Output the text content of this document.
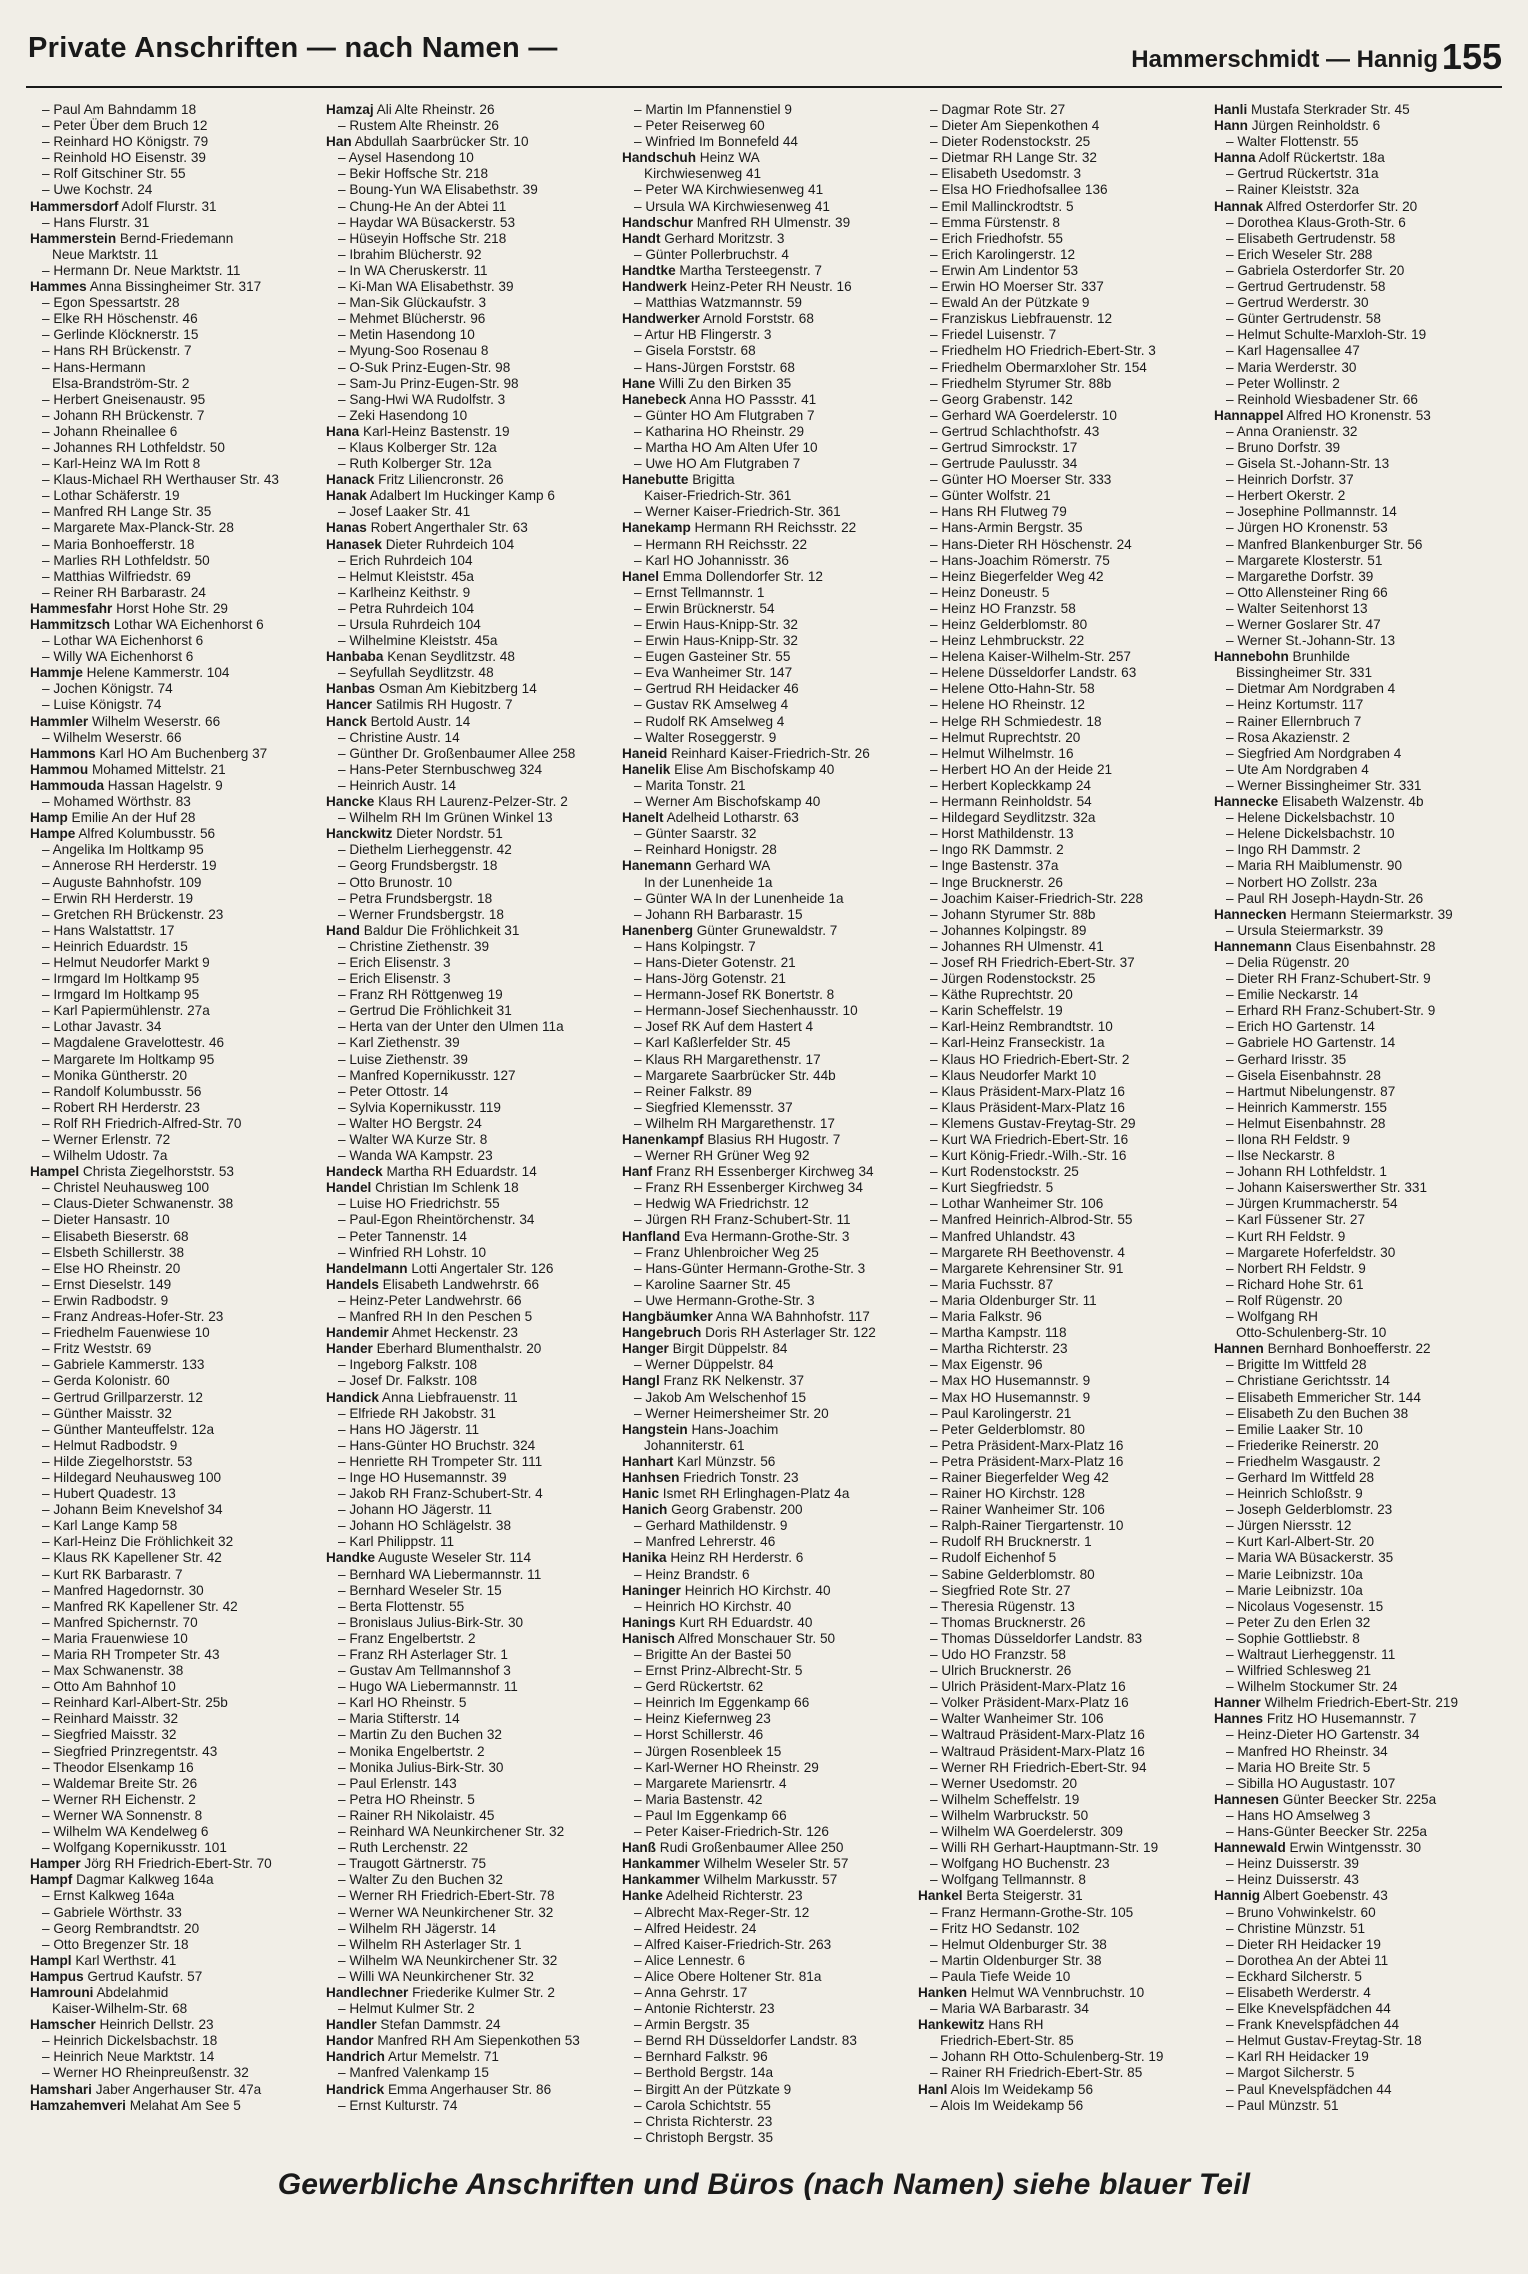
Private Anschriften — nach Namen —	Hammerschmidt — Hannig 155
– Paul Am Bahndamm 18
– Peter Über dem Bruch 12
– Reinhard HO Königstr. 79
– Reinhold HO Eisenstr. 39
– Rolf Gitschiner Str. 55
– Uwe Kochstr. 24
Hammersdorf Adolf Flurstr. 31
– Hans Flurstr. 31
Hammerstein Bernd-Friedemann
Neue Marktstr. 11
– Hermann Dr. Neue Marktstr. 11
Hammes Anna Bissingheimer Str. 317
– Egon Spessartstr. 28
– Elke RH Höschenstr. 46
– Gerlinde Klöcknerstr. 15
– Hans RH Brückenstr. 7
– Hans-Hermann
Elsa-Brandström-Str. 2
– Herbert Gneisenaustr. 95
– Johann RH Brückenstr. 7
– Johann Rheinallee 6
– Johannes RH Lothfeldstr. 50
– Karl-Heinz WA Im Rott 8
– Klaus-Michael RH Werthauser Str. 43
– Lothar Schäferstr. 19
– Manfred RH Lange Str. 35
– Margarete Max-Planck-Str. 28
– Maria Bonhoefferstr. 18
– Marlies RH Lothfeldstr. 50
– Matthias Wilfriedstr. 69
– Reiner RH Barbarastr. 24
Hammesfahr Horst Hohe Str. 29
Hammitzsch Lothar WA Eichenhorst 6
– Lothar WA Eichenhorst 6
– Willy WA Eichenhorst 6
Hammje Helene Kammerstr. 104
– Jochen Königstr. 74
– Luise Königstr. 74
Hammler Wilhelm Weserstr. 66
– Wilhelm Weserstr. 66
Hammons Karl HO Am Buchenberg 37
Hammou Mohamed Mittelstr. 21
Hammouda Hassan Hagelstr. 9
– Mohamed Wörthstr. 83
Hamp Emilie An der Huf 28
Hampe Alfred Kolumbusstr. 56
– Angelika Im Holtkamp 95
– Annerose RH Herderstr. 19
– Auguste Bahnhofstr. 109
– Erwin RH Herderstr. 19
– Gretchen RH Brückenstr. 23
– Hans Walstattstr. 17
– Heinrich Eduardstr. 15
– Helmut Neudorfer Markt 9
– Irmgard Im Holtkamp 95
– Irmgard Im Holtkamp 95
– Karl Papiermühlenstr. 27a
– Lothar Javastr. 34
– Magdalene Gravelottestr. 46
– Margarete Im Holtkamp 95
– Monika Güntherstr. 20
– Randolf Kolumbusstr. 56
– Robert RH Herderstr. 23
– Rolf RH Friedrich-Alfred-Str. 70
– Werner Erlenstr. 72
– Wilhelm Udostr. 7a
Hampel Christa Ziegelhorststr. 53
– Christel Neuhausweg 100
– Claus-Dieter Schwanenstr. 38
– Dieter Hansastr. 10
– Elisabeth Bieserstr. 68
– Elsbeth Schillerstr. 38
– Else HO Rheinstr. 20
– Ernst Dieselstr. 149
– Erwin Radbodstr. 9
– Franz Andreas-Hofer-Str. 23
– Friedhelm Fauenwiese 10
– Fritz Weststr. 69
– Gabriele Kammerstr. 133
– Gerda Kolonistr. 60
– Gertrud Grillparzerstr. 12
– Günther Maisstr. 32
– Günther Manteuffelstr. 12a
– Helmut Radbodstr. 9
– Hilde Ziegelhorststr. 53
– Hildegard Neuhausweg 100
– Hubert Quadestr. 13
– Johann Beim Knevelshof 34
– Karl Lange Kamp 58
– Karl-Heinz Die Fröhlichkeit 32
– Klaus RK Kapellener Str. 42
– Kurt RK Barbarastr. 7
– Manfred Hagedornstr. 30
– Manfred RK Kapellener Str. 42
– Manfred Spichernstr. 70
– Maria Frauenwiese 10
– Maria RH Trompeter Str. 43
– Max Schwanenstr. 38
– Otto Am Bahnhof 10
– Reinhard Karl-Albert-Str. 25b
– Reinhard Maisstr. 32
– Siegfried Maisstr. 32
– Siegfried Prinzregentstr. 43
– Theodor Elsenkamp 16
– Waldemar Breite Str. 26
– Werner RH Eichenstr. 2
– Werner WA Sonnenstr. 8
– Wilhelm WA Kendelweg 6
– Wolfgang Kopernikusstr. 101
Hamper Jörg RH Friedrich-Ebert-Str. 70
Hampf Dagmar Kalkweg 164a
– Ernst Kalkweg 164a
– Gabriele Wörthstr. 33
– Georg Rembrandtstr. 20
– Otto Bregenzer Str. 18
Hampl Karl Werthstr. 41
Hampus Gertrud Kaufstr. 57
Hamrouni Abdelahmid
Kaiser-Wilhelm-Str. 68
Hamscher Heinrich Dellstr. 23
– Heinrich Dickelsbachstr. 18
– Heinrich Neue Marktstr. 14
– Werner HO Rheinpreußenstr. 32
Hamshari Jaber Angerhauser Str. 47a
Hamzahemveri Melahat Am See 5
Hamzaj Ali Alte Rheinstr. 26
– Rustem Alte Rheinstr. 26
Han Abdullah Saarbrücker Str. 10
– Aysel Hasendong 10
– Bekir Hoffsche Str. 218
– Boung-Yun WA Elisabethstr. 39
– Chung-He An der Abtei 11
– Haydar WA Büsackerstr. 53
– Hüseyin Hoffsche Str. 218
– Ibrahim Blücherstr. 92
– In WA Cheruskerstr. 11
– Ki-Man WA Elisabethstr. 39
– Man-Sik Glückaufstr. 3
– Mehmet Blücherstr. 96
– Metin Hasendong 10
– Myung-Soo Rosenau 8
– O-Suk Prinz-Eugen-Str. 98
– Sam-Ju Prinz-Eugen-Str. 98
– Sang-Hwi WA Rudolfstr. 3
– Zeki Hasendong 10
Hana Karl-Heinz Bastenstr. 19
– Klaus Kolberger Str. 12a
– Ruth Kolberger Str. 12a
Hanack Fritz Liliencronstr. 26
Hanak Adalbert Im Huckinger Kamp 6
– Josef Laaker Str. 41
Hanas Robert Angerthaler Str. 63
Hanasek Dieter Ruhrdeich 104
– Erich Ruhrdeich 104
– Helmut Kleiststr. 45a
– Karlheinz Keithstr. 9
– Petra Ruhrdeich 104
– Ursula Ruhrdeich 104
– Wilhelmine Kleiststr. 45a
Hanbaba Kenan Seydlitzstr. 48
– Seyfullah Seydlitzstr. 48
Hanbas Osman Am Kiebitzberg 14
Hancer Satilmis RH Hugostr. 7
Hanck Bertold Austr. 14
– Christine Austr. 14
– Günther Dr. Großenbaumer Allee 258
– Hans-Peter Sternbuschweg 324
– Heinrich Austr. 14
Hancke Klaus RH Laurenz-Pelzer-Str. 2
– Wilhelm RH Im Grünen Winkel 13
Hanckwitz Dieter Nordstr. 51
– Diethelm Lierheggenstr. 42
– Georg Frundsbergstr. 18
– Otto Brunostr. 10
– Petra Frundsbergstr. 18
– Werner Frundsbergstr. 18
Hand Baldur Die Fröhlichkeit 31
– Christine Ziethenstr. 39
– Erich Elisenstr. 3
– Erich Elisenstr. 3
– Franz RH Röttgenweg 19
– Gertrud Die Fröhlichkeit 31
– Herta van der Unter den Ulmen 11a
– Karl Ziethenstr. 39
– Luise Ziethenstr. 39
– Manfred Kopernikusstr. 127
– Peter Ottostr. 14
– Sylvia Kopernikusstr. 119
– Walter HO Bergstr. 24
– Walter WA Kurze Str. 8
– Wanda WA Kampstr. 23
Handeck Martha RH Eduardstr. 14
Handel Christian Im Schlenk 18
– Luise HO Friedrichstr. 55
– Paul-Egon Rheintörchenstr. 34
– Peter Tannenstr. 14
– Winfried RH Lohstr. 10
Handelmann Lotti Angertaler Str. 126
Handels Elisabeth Landwehrstr. 66
– Heinz-Peter Landwehrstr. 66
– Manfred RH In den Peschen 5
Handemir Ahmet Heckenstr. 23
Hander Eberhard Blumenthalstr. 20
– Ingeborg Falkstr. 108
– Josef Dr. Falkstr. 108
Handick Anna Liebfrauenstr. 11
– Elfriede RH Jakobstr. 31
– Hans HO Jägerstr. 11
– Hans-Günter HO Bruchstr. 324
– Henriette RH Trompeter Str. 111
– Inge HO Husemannstr. 39
– Jakob RH Franz-Schubert-Str. 4
– Johann HO Jägerstr. 11
– Johann HO Schlägelstr. 38
– Karl Philippstr. 11
Handke Auguste Weseler Str. 114
– Bernhard WA Liebermannstr. 11
– Bernhard Weseler Str. 15
– Berta Flottenstr. 55
– Bronislaus Julius-Birk-Str. 30
– Franz Engelbertstr. 2
– Franz RH Asterlager Str. 1
– Gustav Am Tellmannshof 3
– Hugo WA Liebermannstr. 11
– Karl HO Rheinstr. 5
– Maria Stifterstr. 14
– Martin Zu den Buchen 32
– Monika Engelbertstr. 2
– Monika Julius-Birk-Str. 30
– Paul Erlenstr. 143
– Petra HO Rheinstr. 5
– Rainer RH Nikolaistr. 45
– Reinhard WA Neunkirchener Str. 32
– Ruth Lerchenstr. 22
– Traugott Gärtnerstr. 75
– Walter Zu den Buchen 32
– Werner RH Friedrich-Ebert-Str. 78
– Werner WA Neunkirchener Str. 32
– Wilhelm RH Jägerstr. 14
– Wilhelm RH Asterlager Str. 1
– Wilhelm WA Neunkirchener Str. 32
– Willi WA Neunkirchener Str. 32
Handlechner Friederike Kulmer Str. 2
– Helmut Kulmer Str. 2
Handler Stefan Dammstr. 24
Handor Manfred RH Am Siepenkothen 53
Handrich Artur Memelstr. 71
– Manfred Valenkamp 15
Handrick Emma Angerhauser Str. 86
– Ernst Kulturstr. 74
– Martin Im Pfannenstiel 9
– Peter Reiserweg 60
– Winfried Im Bonnefeld 44
Handschuh Heinz WA
Kirchwiesenweg 41
– Peter WA Kirchwiesenweg 41
– Ursula WA Kirchwiesenweg 41
Handschur Manfred RH Ulmenstr. 39
Handt Gerhard Moritzstr. 3
– Günter Pollerbruchstr. 4
Handtke Martha Tersteegenstr. 7
Handwerk Heinz-Peter RH Neustr. 16
– Matthias Watzmannstr. 59
Handwerker Arnold Forststr. 68
– Artur HB Flingerstr. 3
– Gisela Forststr. 68
– Hans-Jürgen Forststr. 68
Hane Willi Zu den Birken 35
Hanebeck Anna HO Passstr. 41
– Günter HO Am Flutgraben 7
– Katharina HO Rheinstr. 29
– Martha HO Am Alten Ufer 10
– Uwe HO Am Flutgraben 7
Hanebutte Brigitta
Kaiser-Friedrich-Str. 361
– Werner Kaiser-Friedrich-Str. 361
Hanekamp Hermann RH Reichsstr. 22
– Hermann RH Reichsstr. 22
– Karl HO Johannisstr. 36
Hanel Emma Dollendorfer Str. 12
– Ernst Tellmannstr. 1
– Erwin Brücknerstr. 54
– Erwin Haus-Knipp-Str. 32
– Erwin Haus-Knipp-Str. 32
– Eugen Gasteiner Str. 55
– Eva Wanheimer Str. 147
– Gertrud RH Heidacker 46
– Gustav RK Amselweg 4
– Rudolf RK Amselweg 4
– Walter Roseggerstr. 9
Haneid Reinhard Kaiser-Friedrich-Str. 26
Hanelik Elise Am Bischofskamp 40
– Marita Tonstr. 21
– Werner Am Bischofskamp 40
Hanelt Adelheid Lotharstr. 63
– Günter Saarstr. 32
– Reinhard Honigstr. 28
Hanemann Gerhard WA
In der Lunenheide 1a
– Günter WA In der Lunenheide 1a
– Johann RH Barbarastr. 15
Hanenberg Günter Grunewaldstr. 7
– Hans Kolpingstr. 7
– Hans-Dieter Gotenstr. 21
– Hans-Jörg Gotenstr. 21
– Hermann-Josef RK Bonertstr. 8
– Hermann-Josef Siechenhausstr. 10
– Josef RK Auf dem Hastert 4
– Karl Kaßlerfelder Str. 45
– Klaus RH Margarethenstr. 17
– Margarete Saarbrücker Str. 44b
– Reiner Falkstr. 89
– Siegfried Klemensstr. 37
– Wilhelm RH Margarethenstr. 17
Hanenkampf Blasius RH Hugostr. 7
– Werner RH Grüner Weg 92
Hanf Franz RH Essenberger Kirchweg 34
– Franz RH Essenberger Kirchweg 34
– Hedwig WA Friedrichstr. 12
– Jürgen RH Franz-Schubert-Str. 11
Hanfland Eva Hermann-Grothe-Str. 3
– Franz Uhlenbroicher Weg 25
– Hans-Günter Hermann-Grothe-Str. 3
– Karoline Saarner Str. 45
– Uwe Hermann-Grothe-Str. 3
Hangbäumker Anna WA Bahnhofstr. 117
Hangebruch Doris RH Asterlager Str. 122
Hanger Birgit Düppelstr. 84
– Werner Düppelstr. 84
Hangl Franz RK Nelkenstr. 37
– Jakob Am Welschenhof 15
– Werner Heimersheimer Str. 20
Hangstein Hans-Joachim
Johanniterstr. 61
Hanhart Karl Münzstr. 56
Hanhsen Friedrich Tonstr. 23
Hanic Ismet RH Erlinghagen-Platz 4a
Hanich Georg Grabenstr. 200
– Gerhard Mathildenstr. 9
– Manfred Lehrerstr. 46
Hanika Heinz RH Herderstr. 6
– Heinz Brandstr. 6
Haninger Heinrich HO Kirchstr. 40
– Heinrich HO Kirchstr. 40
Hanings Kurt RH Eduardstr. 40
Hanisch Alfred Monschauer Str. 50
– Brigitte An der Bastei 50
– Ernst Prinz-Albrecht-Str. 5
– Gerd Rückertstr. 62
– Heinrich Im Eggenkamp 66
– Heinz Kiefernweg 23
– Horst Schillerstr. 46
– Jürgen Rosenbleek 15
– Karl-Werner HO Rheinstr. 29
– Margarete Mariensrtr. 4
– Maria Bastenstr. 42
– Paul Im Eggenkamp 66
– Peter Kaiser-Friedrich-Str. 126
Hanß Rudi Großenbaumer Allee 250
Hankammer Wilhelm Weseler Str. 57
Hankammer Wilhelm Markusstr. 57
Hanke Adelheid Richterstr. 23
– Albrecht Max-Reger-Str. 12
– Alfred Heidestr. 24
– Alfred Kaiser-Friedrich-Str. 263
– Alice Lennestr. 6
– Alice Obere Holtener Str. 81a
– Anna Gehrstr. 17
– Antonie Richterstr. 23
– Armin Bergstr. 35
– Bernd RH Düsseldorfer Landstr. 83
– Bernhard Falkstr. 96
– Berthold Bergstr. 14a
– Birgitt An der Pützkate 9
– Carola Schichtstr. 55
– Christa Richterstr. 23
– Christoph Bergstr. 35
– Dagmar Rote Str. 27
– Dieter Am Siepenkothen 4
– Dieter Rodenstockstr. 25
– Dietmar RH Lange Str. 32
– Elisabeth Usedomstr. 3
– Elsa HO Friedhofsallee 136
– Emil Mallinckrodtstr. 5
– Emma Fürstenstr. 8
– Erich Friedhofstr. 55
– Erich Karolingerstr. 12
– Erwin Am Lindentor 53
– Erwin HO Moerser Str. 337
– Ewald An der Pützkate 9
– Franziskus Liebfrauenstr. 12
– Friedel Luisenstr. 7
– Friedhelm HO Friedrich-Ebert-Str. 3
– Friedhelm Obermarxloher Str. 154
– Friedhelm Styrumer Str. 88b
– Georg Grabenstr. 142
– Gerhard WA Goerdelerstr. 10
– Gertrud Schlachthofstr. 43
– Gertrud Simrockstr. 17
– Gertrude Paulusstr. 34
– Günter HO Moerser Str. 333
– Günter Wolfstr. 21
– Hans RH Flutweg 79
– Hans-Armin Bergstr. 35
– Hans-Dieter RH Höschenstr. 24
– Hans-Joachim Römerstr. 75
– Heinz Biegerfelder Weg 42
– Heinz Doneustr. 5
– Heinz HO Franzstr. 58
– Heinz Gelderblomstr. 80
– Heinz Lehmbruckstr. 22
– Helena Kaiser-Wilhelm-Str. 257
– Helene Düsseldorfer Landstr. 63
– Helene Otto-Hahn-Str. 58
– Helene HO Rheinstr. 12
– Helge RH Schmiedestr. 18
– Helmut Ruprechtstr. 20
– Helmut Wilhelmstr. 16
– Herbert HO An der Heide 21
– Herbert Kopleckkamp 24
– Hermann Reinholdstr. 54
– Hildegard Seydlitzstr. 32a
– Horst Mathildenstr. 13
– Ingo RK Dammstr. 2
– Inge Bastenstr. 37a
– Inge Brucknerstr. 26
– Joachim Kaiser-Friedrich-Str. 228
– Johann Styrumer Str. 88b
– Johannes Kolpingstr. 89
– Johannes RH Ulmenstr. 41
– Josef RH Friedrich-Ebert-Str. 37
– Jürgen Rodenstockstr. 25
– Käthe Ruprechtstr. 20
– Karin Scheffelstr. 19
– Karl-Heinz Rembrandtstr. 10
– Karl-Heinz Franseckistr. 1a
– Klaus HO Friedrich-Ebert-Str. 2
– Klaus Neudorfer Markt 10
– Klaus Präsident-Marx-Platz 16
– Klaus Präsident-Marx-Platz 16
– Klemens Gustav-Freytag-Str. 29
– Kurt WA Friedrich-Ebert-Str. 16
– Kurt König-Friedr.-Wilh.-Str. 16
– Kurt Rodenstockstr. 25
– Kurt Siegfriedstr. 5
– Lothar Wanheimer Str. 106
– Manfred Heinrich-Albrod-Str. 55
– Manfred Uhlandstr. 43
– Margarete RH Beethovenstr. 4
– Margarete Kehrensiner Str. 91
– Maria Fuchsstr. 87
– Maria Oldenburger Str. 11
– Maria Falkstr. 96
– Martha Kampstr. 118
– Martha Richterstr. 23
– Max Eigenstr. 96
– Max HO Husemannstr. 9
– Max HO Husemannstr. 9
– Paul Karolingerstr. 21
– Peter Gelderblomstr. 80
– Petra Präsident-Marx-Platz 16
– Petra Präsident-Marx-Platz 16
– Rainer Biegerfelder Weg 42
– Rainer HO Kirchstr. 128
– Rainer Wanheimer Str. 106
– Ralph-Rainer Tiergartenstr. 10
– Rudolf RH Brucknerstr. 1
– Rudolf Eichenhof 5
– Sabine Gelderblomstr. 80
– Siegfried Rote Str. 27
– Theresia Rügenstr. 13
– Thomas Brucknerstr. 26
– Thomas Düsseldorfer Landstr. 83
– Udo HO Franzstr. 58
– Ulrich Brucknerstr. 26
– Ulrich Präsident-Marx-Platz 16
– Volker Präsident-Marx-Platz 16
– Walter Wanheimer Str. 106
– Waltraud Präsident-Marx-Platz 16
– Waltraud Präsident-Marx-Platz 16
– Werner RH Friedrich-Ebert-Str. 94
– Werner Usedomstr. 20
– Wilhelm Scheffelstr. 19
– Wilhelm Warbruckstr. 50
– Wilhelm WA Goerdelerstr. 309
– Willi RH Gerhart-Hauptmann-Str. 19
– Wolfgang HO Buchenstr. 23
– Wolfgang Tellmannstr. 8
Hankel Berta Steigerstr. 31
– Franz Hermann-Grothe-Str. 105
– Fritz HO Sedanstr. 102
– Helmut Oldenburger Str. 38
– Martin Oldenburger Str. 38
– Paula Tiefe Weide 10
Hanken Helmut WA Vennbruchstr. 10
– Maria WA Barbarastr. 34
Hankewitz Hans RH
Friedrich-Ebert-Str. 85
– Johann RH Otto-Schulenberg-Str. 19
– Rainer RH Friedrich-Ebert-Str. 85
Hanl Alois Im Weidekamp 56
– Alois Im Weidekamp 56
Hanli Mustafa Sterkrader Str. 45
Hann Jürgen Reinholdstr. 6
– Walter Flottenstr. 55
Hanna Adolf Rückertstr. 18a
– Gertrud Rückertstr. 31a
– Rainer Kleiststr. 32a
Hannak Alfred Osterdorfer Str. 20
– Dorothea Klaus-Groth-Str. 6
– Elisabeth Gertrudenstr. 58
– Erich Weseler Str. 288
– Gabriela Osterdorfer Str. 20
– Gertrud Gertrudenstr. 58
– Gertrud Werderstr. 30
– Günter Gertrudenstr. 58
– Helmut Schulte-Marxloh-Str. 19
– Karl Hagensallee 47
– Maria Werderstr. 30
– Peter Wollinstr. 2
– Reinhold Wiesbadener Str. 66
Hannappel Alfred HO Kronenstr. 53
– Anna Oranienstr. 32
– Bruno Dorfstr. 39
– Gisela St.-Johann-Str. 13
– Heinrich Dorfstr. 37
– Herbert Okerstr. 2
– Josephine Pollmannstr. 14
– Jürgen HO Kronenstr. 53
– Manfred Blankenburger Str. 56
– Margarete Klosterstr. 51
– Margarethe Dorfstr. 39
– Otto Allensteiner Ring 66
– Walter Seitenhorst 13
– Werner Goslarer Str. 47
– Werner St.-Johann-Str. 13
Hannebohn Brunhilde
Bissingheimer Str. 331
– Dietmar Am Nordgraben 4
– Heinz Kortumstr. 117
– Rainer Ellernbruch 7
– Rosa Akazienstr. 2
– Siegfried Am Nordgraben 4
– Ute Am Nordgraben 4
– Werner Bissingheimer Str. 331
Hannecke Elisabeth Walzenstr. 4b
– Helene Dickelsbachstr. 10
– Helene Dickelsbachstr. 10
– Ingo RH Dammstr. 2
– Maria RH Maiblumenstr. 90
– Norbert HO Zollstr. 23a
– Paul RH Joseph-Haydn-Str. 26
Hannecken Hermann Steiermarkstr. 39
– Ursula Steiermarkstr. 39
Hannemann Claus Eisenbahnstr. 28
– Delia Rügenstr. 20
– Dieter RH Franz-Schubert-Str. 9
– Emilie Neckarstr. 14
– Erhard RH Franz-Schubert-Str. 9
– Erich HO Gartenstr. 14
– Gabriele HO Gartenstr. 14
– Gerhard Irisstr. 35
– Gisela Eisenbahnstr. 28
– Hartmut Nibelungenstr. 87
– Heinrich Kammerstr. 155
– Helmut Eisenbahnstr. 28
– Ilona RH Feldstr. 9
– Ilse Neckarstr. 8
– Johann RH Lothfeldstr. 1
– Johann Kaiserswerther Str. 331
– Jürgen Krummacherstr. 54
– Karl Füssener Str. 27
– Kurt RH Feldstr. 9
– Margarete Hoferfeldstr. 30
– Norbert RH Feldstr. 9
– Richard Hohe Str. 61
– Rolf Rügenstr. 20
– Wolfgang RH
Otto-Schulenberg-Str. 10
Hannen Bernhard Bonhoefferstr. 22
– Brigitte Im Wittfeld 28
– Christiane Gerichtsstr. 14
– Elisabeth Emmericher Str. 144
– Elisabeth Zu den Buchen 38
– Emilie Laaker Str. 10
– Friederike Reinerstr. 20
– Friedhelm Wasgaustr. 2
– Gerhard Im Wittfeld 28
– Heinrich Schloßstr. 9
– Joseph Gelderblomstr. 23
– Jürgen Niersstr. 12
– Kurt Karl-Albert-Str. 20
– Maria WA Büsackerstr. 35
– Marie Leibnizstr. 10a
– Marie Leibnizstr. 10a
– Nicolaus Vogesenstr. 15
– Peter Zu den Erlen 32
– Sophie Gottliebstr. 8
– Waltraut Lierheggenstr. 11
– Wilfried Schlesweg 21
– Wilhelm Stockumer Str. 24
Hanner Wilhelm Friedrich-Ebert-Str. 219
Hannes Fritz HO Husemannstr. 7
– Heinz-Dieter HO Gartenstr. 34
– Manfred HO Rheinstr. 34
– Maria HO Breite Str. 5
– Sibilla HO Augustastr. 107
Hannesen Günter Beecker Str. 225a
– Hans HO Amselweg 3
– Hans-Günter Beecker Str. 225a
Hannewald Erwin Wintgensstr. 30
– Heinz Duisserstr. 39
– Heinz Duisserstr. 43
Hannig Albert Goebenstr. 43
– Bruno Vohwinkelstr. 60
– Christine Münzstr. 51
– Dieter RH Heidacker 19
– Dorothea An der Abtei 11
– Eckhard Silcherstr. 5
– Elisabeth Werderstr. 4
– Elke Knevelspfädchen 44
– Frank Knevelspfädchen 44
– Helmut Gustav-Freytag-Str. 18
– Karl RH Heidacker 19
– Margot Silcherstr. 5
– Paul Knevelspfädchen 44
– Paul Münzstr. 51
Gewerbliche Anschriften und Büros (nach Namen) siehe blauer Teil
